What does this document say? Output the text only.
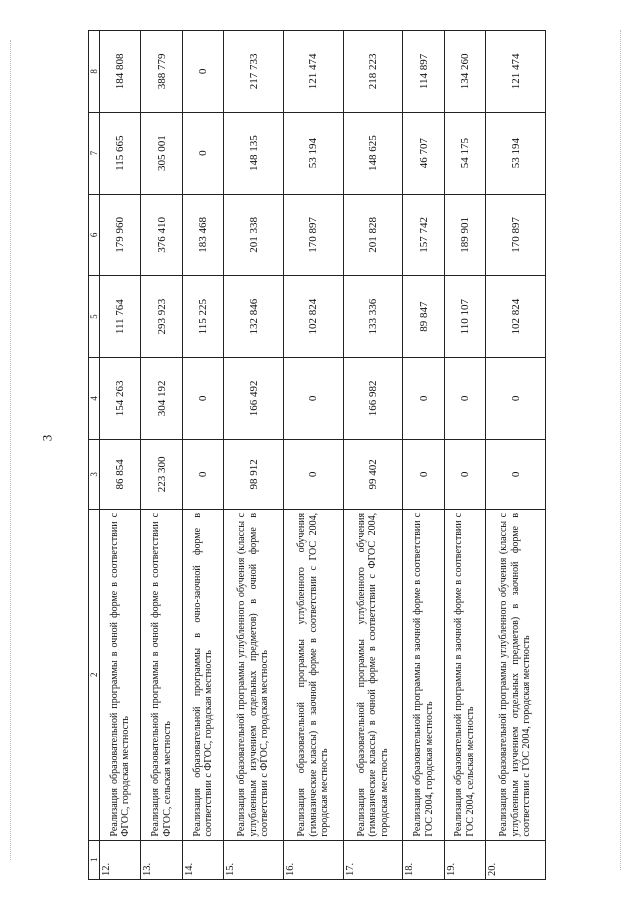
3
1	2	3	4	5	6	7	8
12.	Реализация образовательной программы в очной форме в соответствии с ФГОС, городская местность	86 854	154 263	111 764	179 960	115 665	184 808
13.	Реализация образовательной программы в очной форме в соответствии с ФГОС, сельская местность	223 300	304 192	293 923	376 410	305 001	388 779
14.	Реализация образовательной программы в очно-заочной форме в соответствии с ФГОС, городская местность	0	0	115 225	183 468	0	0
15.	Реализация образовательной программы углубленного обучения (классы с углубленным изучением отдельных предметов) в очной форме в соответствии с ФГОС, городская местность	98 912	166 492	132 846	201 338	148 135	217 733
16.	Реализация образовательной программы углубленного обучения (гимназические классы) в заочной форме в соответствии с ГОС 2004, городская местность	0	0	102 824	170 897	53 194	121 474
17.	Реализация образовательной программы углубленного обучения (гимназические классы) в очной форме в соответствии с ФГОС 2004, городская местность	99 402	166 982	133 336	201 828	148 625	218 223
18.	Реализация образовательной программы в заочной форме в соответствии с ГОС 2004, городская местность	0	0	89 847	157 742	46 707	114 897
19.	Реализация образовательной программы в заочной форме в соответствии с ГОС 2004, сельская местность	0	0	110 107	189 901	54 175	134 260
20.	Реализация образовательной программы углубленного обучения (классы с углубленным изучением отдельных предметов) в заочной форме в соответствии с ГОС 2004, городская местность	0	0	102 824	170 897	53 194	121 474
